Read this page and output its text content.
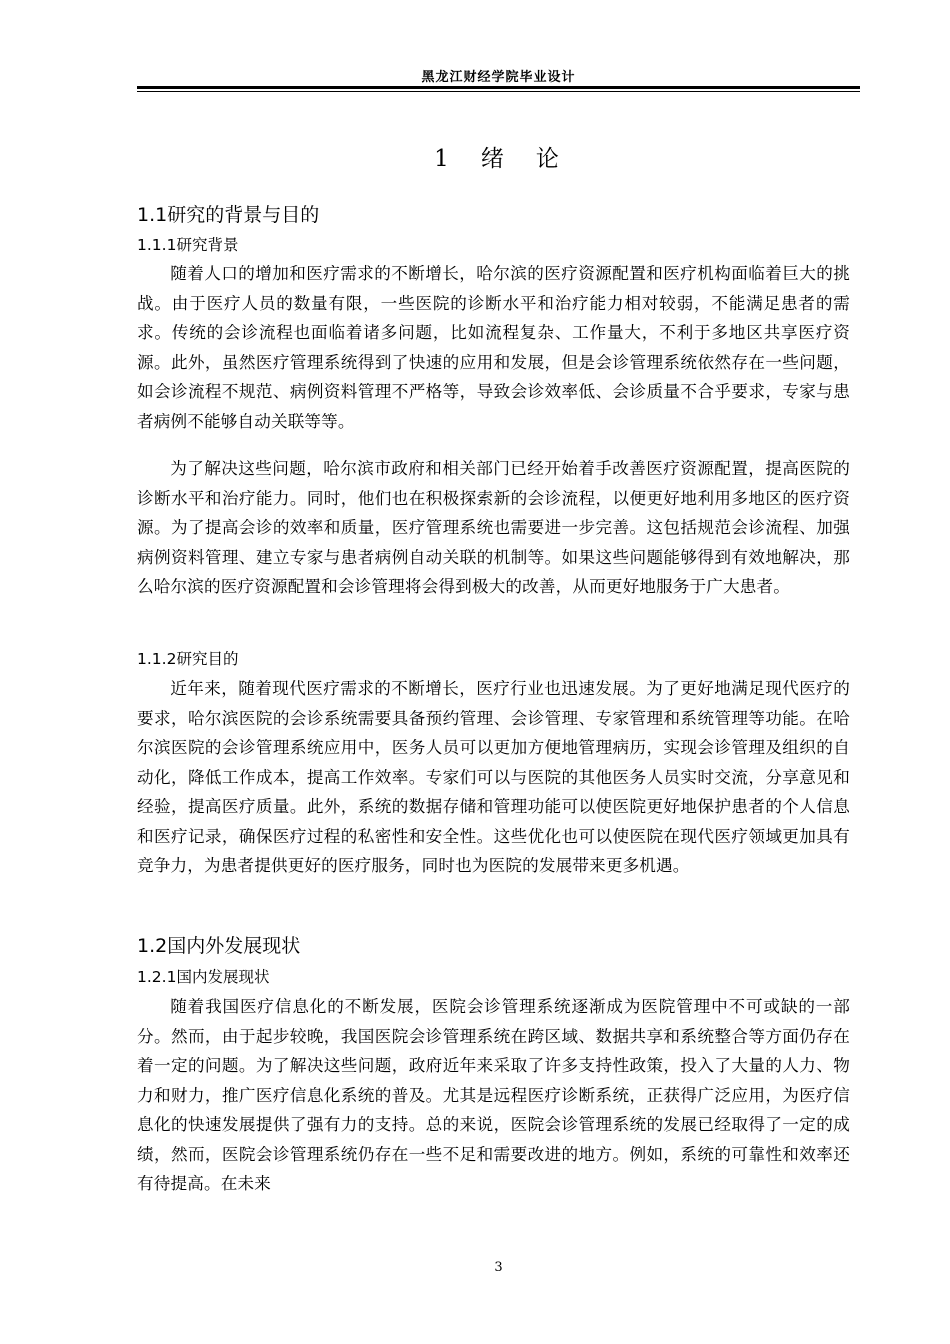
黑龙江财经学院毕业设计
1 绪 论
1.1研究的背景与目的
1.1.1研究背景
随着人口的增加和医疗需求的不断增长，哈尔滨的医疗资源配置和医疗机构面临着巨大的挑战。由于医疗人员的数量有限，一些医院的诊断水平和治疗能力相对较弱，不能满足患者的需求。传统的会诊流程也面临着诸多问题，比如流程复杂、工作量大，不利于多地区共享医疗资源。此外，虽然医疗管理系统得到了快速的应用和发展，但是会诊管理系统依然存在一些问题，如会诊流程不规范、病例资料管理不严格等，导致会诊效率低、会诊质量不合乎要求，专家与患者病例不能够自动关联等等。
为了解决这些问题，哈尔滨市政府和相关部门已经开始着手改善医疗资源配置，提高医院的诊断水平和治疗能力。同时，他们也在积极探索新的会诊流程，以便更好地利用多地区的医疗资源。为了提高会诊的效率和质量，医疗管理系统也需要进一步完善。这包括规范会诊流程、加强病例资料管理、建立专家与患者病例自动关联的机制等。如果这些问题能够得到有效地解决，那么哈尔滨的医疗资源配置和会诊管理将会得到极大的改善，从而更好地服务于广大患者。
1.1.2研究目的
近年来，随着现代医疗需求的不断增长，医疗行业也迅速发展。为了更好地满足现代医疗的要求，哈尔滨医院的会诊系统需要具备预约管理、会诊管理、专家管理和系统管理等功能。在哈尔滨医院的会诊管理系统应用中，医务人员可以更加方便地管理病历，实现会诊管理及组织的自动化，降低工作成本，提高工作效率。专家们可以与医院的其他医务人员实时交流，分享意见和经验，提高医疗质量。此外，系统的数据存储和管理功能可以使医院更好地保护患者的个人信息和医疗记录，确保医疗过程的私密性和安全性。这些优化也可以使医院在现代医疗领域更加具有竞争力，为患者提供更好的医疗服务，同时也为医院的发展带来更多机遇。
1.2国内外发展现状
1.2.1国内发展现状
随着我国医疗信息化的不断发展，医院会诊管理系统逐渐成为医院管理中不可或缺的一部分。然而，由于起步较晚，我国医院会诊管理系统在跨区域、数据共享和系统整合等方面仍存在着一定的问题。为了解决这些问题，政府近年来采取了许多支持性政策，投入了大量的人力、物力和财力，推广医疗信息化系统的普及。尤其是远程医疗诊断系统，正获得广泛应用，为医疗信息化的快速发展提供了强有力的支持。总的来说，医院会诊管理系统的发展已经取得了一定的成绩，然而，医院会诊管理系统仍存在一些不足和需要改进的地方。例如，系统的可靠性和效率还有待提高。在未来
3
